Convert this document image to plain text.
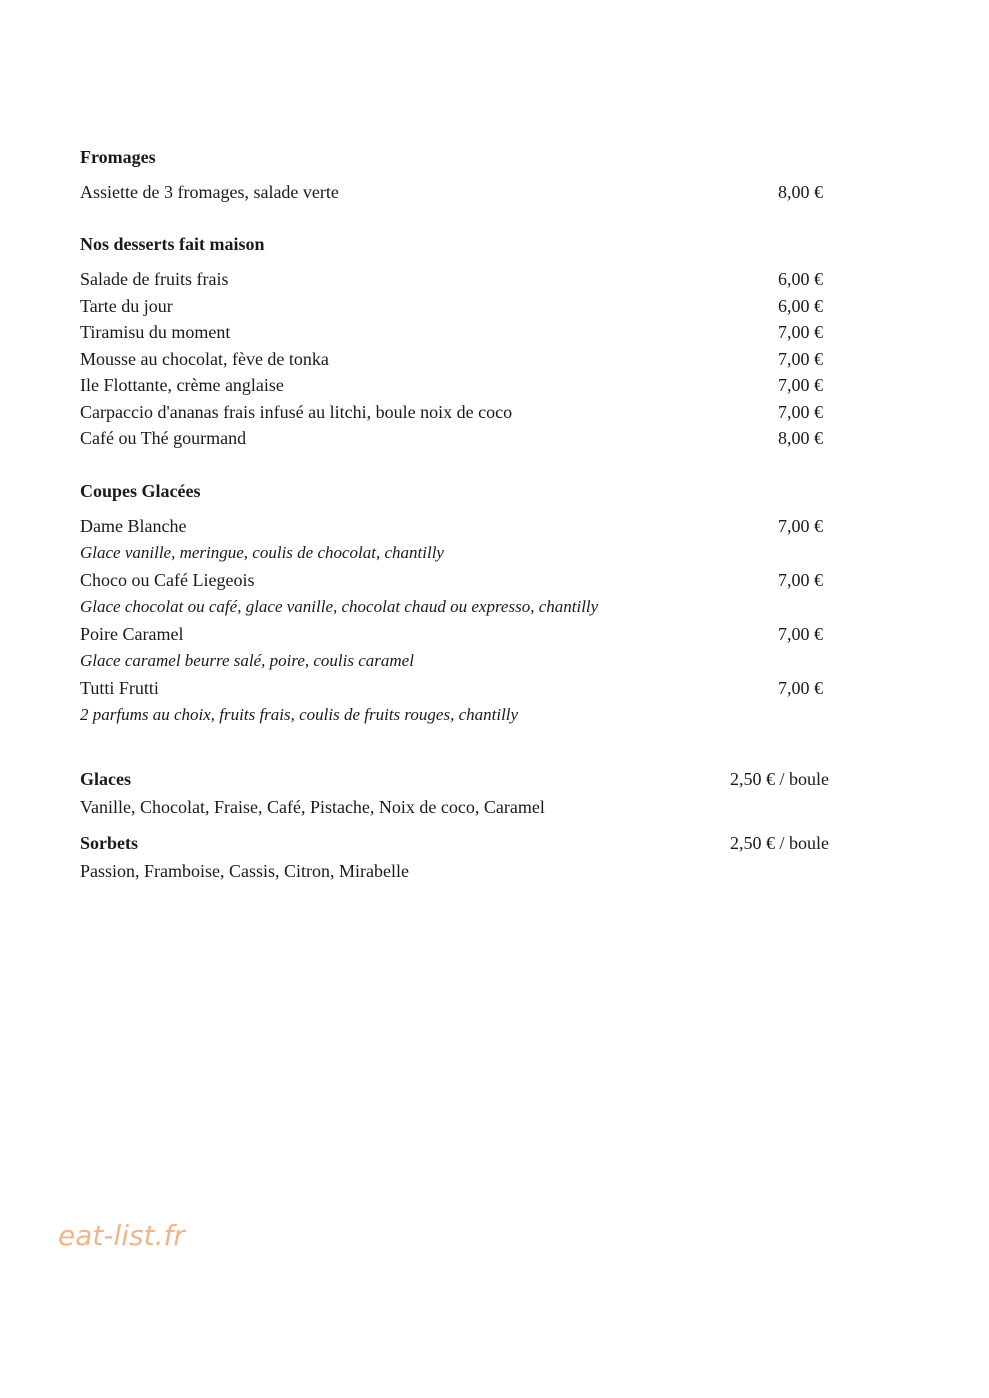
Fromages
Assiette de 3 fromages, salade verte	8,00 €
Nos desserts fait maison
Salade de fruits frais	6,00 €
Tarte du jour	6,00 €
Tiramisu du moment	7,00 €
Mousse au chocolat, fève de tonka	7,00 €
Ile Flottante, crème anglaise	7,00 €
Carpaccio d'ananas frais infusé au litchi, boule noix de coco	7,00 €
Café ou Thé gourmand	8,00 €
Coupes Glacées
Dame Blanche	7,00 €
Glace vanille, meringue, coulis de chocolat, chantilly
Choco ou Café Liegeois	7,00 €
Glace chocolat ou café, glace vanille, chocolat chaud ou expresso, chantilly
Poire Caramel	7,00 €
Glace caramel beurre salé, poire, coulis caramel
Tutti Frutti	7,00 €
2 parfums au choix, fruits frais, coulis de fruits rouges, chantilly
Glaces	2,50 € / boule
Vanille, Chocolat, Fraise, Café, Pistache, Noix de coco, Caramel
Sorbets	2,50 € / boule
Passion, Framboise, Cassis, Citron, Mirabelle
eat-list.fr
